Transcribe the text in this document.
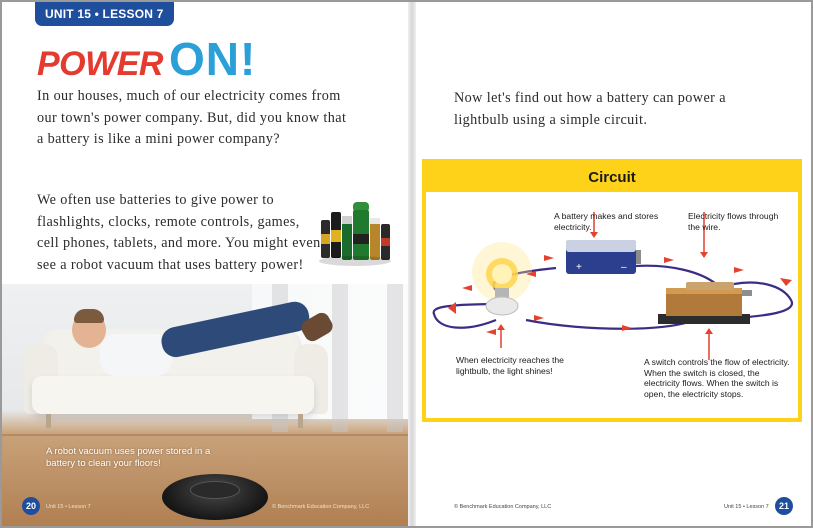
UNIT 15 • LESSON 7
POWER ON!

In our houses, much of our electricity comes from our town's power company. But, did you know that a battery is like a mini power company?

We often use batteries to give power to flashlights, clocks, remote controls, games, cell phones, tablets, and more. You might even see a robot vacuum that uses battery power!

A robot vacuum uses power stored in a battery to clean your floors!

20	Unit 15 • Lesson 7	© Benchmark Education Company, LLC

Now let's find out how a battery can power a lightbulb using a simple circuit.

Circuit
+	–
A battery makes and stores electricity.
Electricity flows through the wire.
When electricity reaches the lightbulb, the light shines!
A switch controls the flow of electricity. When the switch is closed, the electricity flows. When the switch is open, the electricity stops.
© Benchmark Education Company, LLC	Unit 15 • Lesson 7	21
